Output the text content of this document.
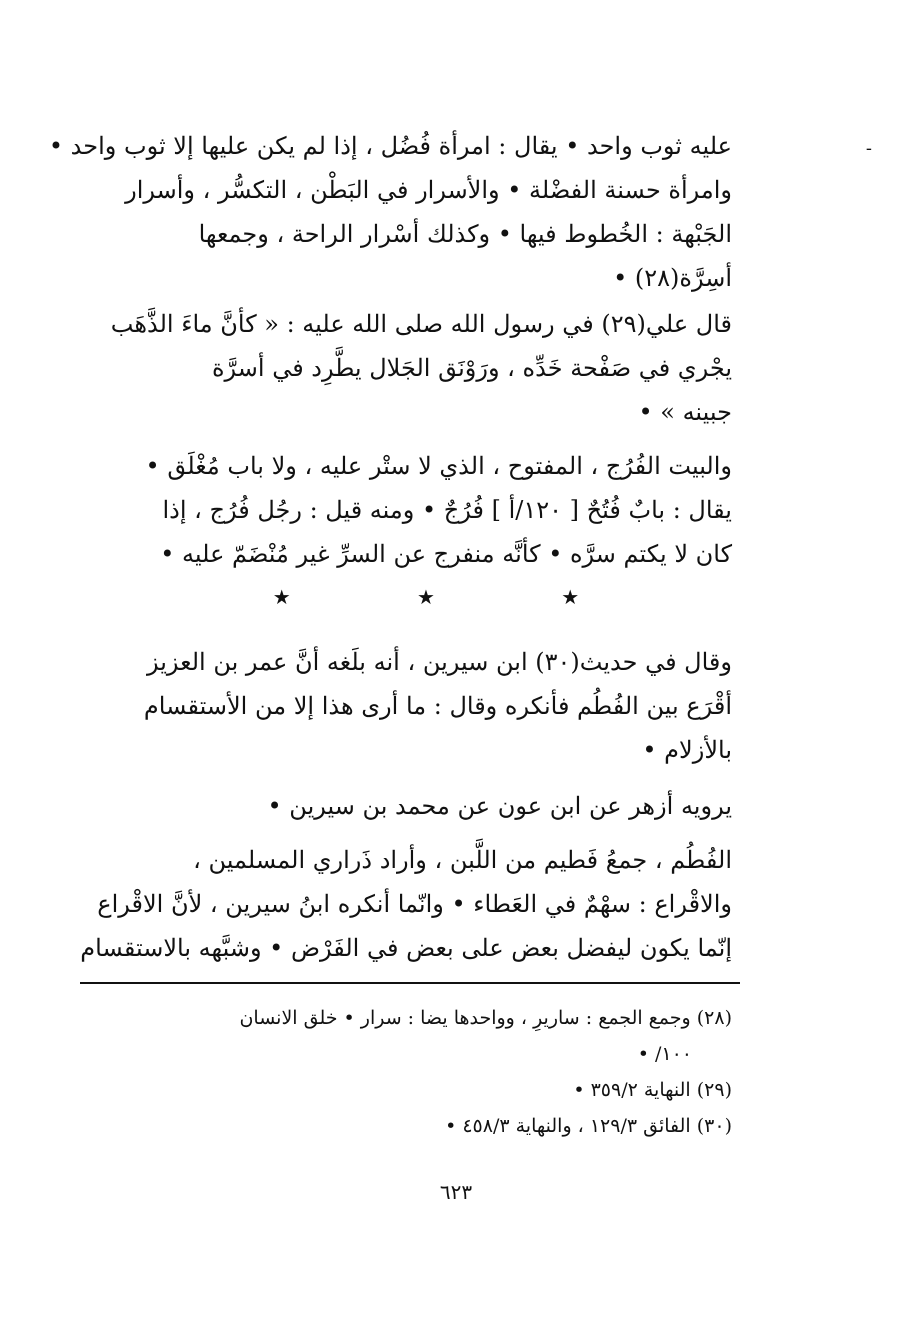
-
عليه ثوب واحد • يقال : امرأة فُضُل ، إذا لم يكن عليها إلا ثوب واحد •
وامرأة حسنة الفضْلة • والأسرار في البَطْن ، التكسُّر ، وأسرار
الجَبْهة : الخُطوط فيها • وكذلك أسْرار الراحة ، وجمعها
أسِرَّة(٢٨) •
قال علي(٢٩) في رسول الله صلى الله عليه : « كأنَّ ماءَ الذَّهَب
يجْري في صَفْحة خَدِّه ، ورَوْنَق الجَلال يطَّرِد في أسرَّة
جبينه » •
والبيت الفُرُج ، المفتوح ، الذي لا ستْر عليه ، ولا باب مُغْلَق •
يقال : بابٌ فُتُحٌ [ ١٢٠/أ ] فُرُجٌ • ومنه قيل : رجُل فُرُج ، إذا
كان لا يكتم سرَّه • كأنَّه منفرج عن السرِّ غير مُنْضَمّ عليه •
★ ★ ★
وقال في حديث(٣٠) ابن سيرين ، أنه بلَغه أنَّ عمر بن العزيز
أقْرَع بين الفُطُم فأنكره وقال : ما أرى هذا إلا من الأستقسام
بالأزلام •
يرويه أزهر عن ابن عون عن محمد بن سيرين •
الفُطُم ، جمعُ فَطيم من اللَّبن ، وأراد ذَراري المسلمين ،
والاقْراع : سهْمٌ في العَطاء • وانّما أنكره ابنُ سيرين ، لأنَّ الاقْراع
إنّما يكون ليفضل بعض على بعض في الفَرْض • وشبَّهه بالاستقسام
(٢٨) وجمع الجمع : ساريرِ ، وواحدها يضا : سرار • خلق الانسان
١٠٠/ •
(٢٩) النهاية ٣٥٩/٢ •
(٣٠) الفائق ١٢٩/٣ ، والنهاية ٤٥٨/٣ •
٦٢٣
